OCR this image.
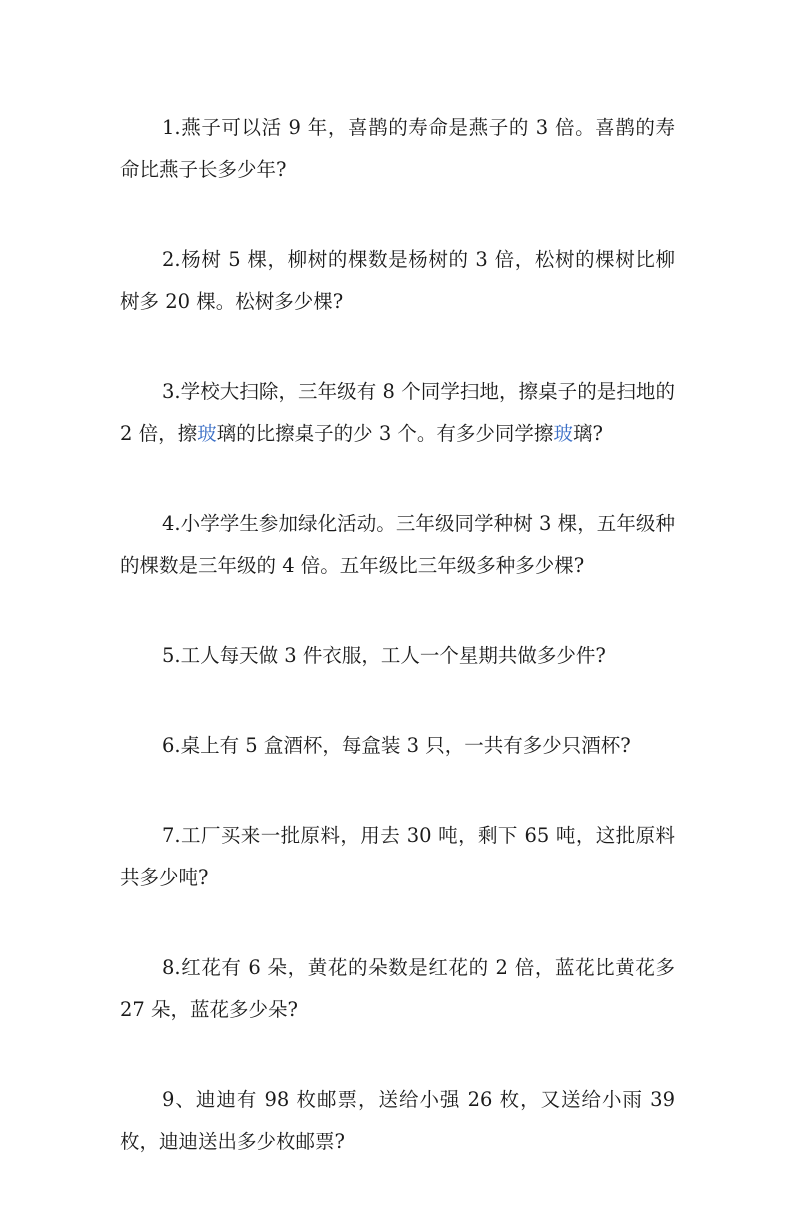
1.燕子可以活 9 年，喜鹊的寿命是燕子的 3 倍。喜鹊的寿命比燕子长多少年?

2.杨树 5 棵，柳树的棵数是杨树的 3 倍，松树的棵树比柳树多 20 棵。松树多少棵?

3.学校大扫除，三年级有 8 个同学扫地，擦桌子的是扫地的 2 倍，擦玻璃的比擦桌子的少 3 个。有多少同学擦玻璃?

4.小学学生参加绿化活动。三年级同学种树 3 棵，五年级种的棵数是三年级的 4 倍。五年级比三年级多种多少棵?

5.工人每天做 3 件衣服，工人一个星期共做多少件?

6.桌上有 5 盒酒杯，每盒装 3 只，一共有多少只酒杯?

7.工厂买来一批原料，用去 30 吨，剩下 65 吨，这批原料共多少吨?

8.红花有 6 朵，黄花的朵数是红花的 2 倍，蓝花比黄花多 27 朵，蓝花多少朵?

9、迪迪有 98 枚邮票，送给小强 26 枚，又送给小雨 39 枚，迪迪送出多少枚邮票?
